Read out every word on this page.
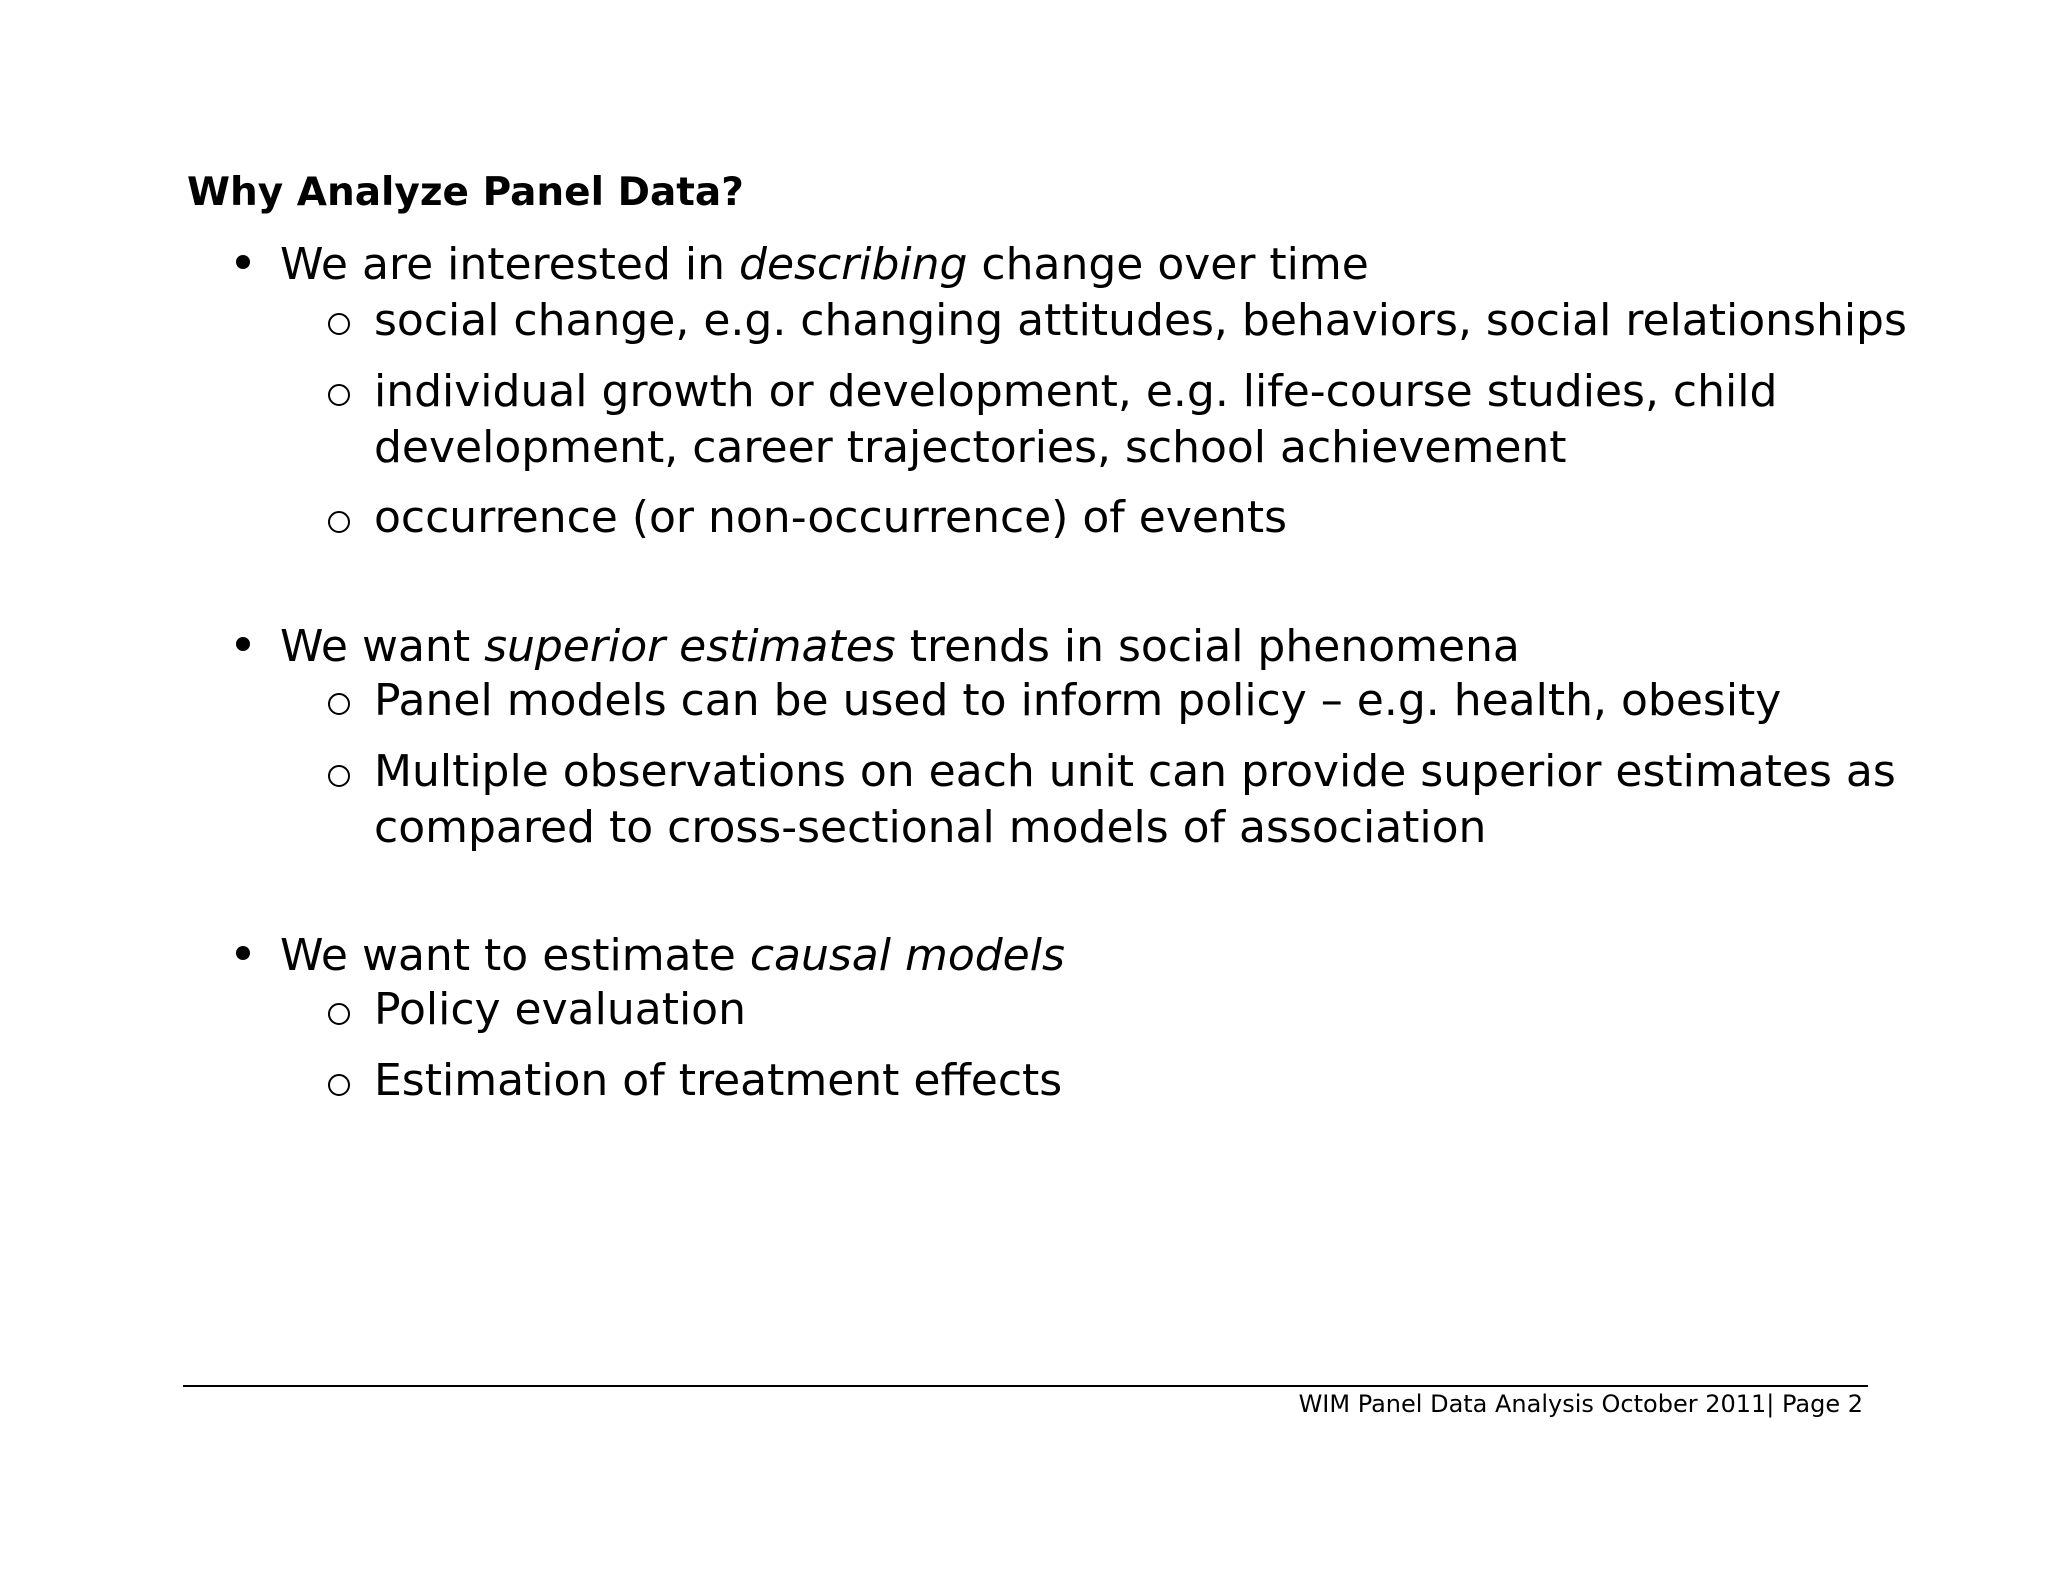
Why Analyze Panel Data?
We are interested in describing change over time
social change, e.g. changing attitudes, behaviors, social relationships
individual growth or development, e.g. life-course studies, child
development, career trajectories, school achievement
occurrence (or non-occurrence) of events
We want superior estimates trends in social phenomena
Panel models can be used to inform policy – e.g. health, obesity
Multiple observations on each unit can provide superior estimates as
compared to cross-sectional models of association
We want to estimate causal models
Policy evaluation
Estimation of treatment effects
WIM Panel Data Analysis October 2011| Page 2
